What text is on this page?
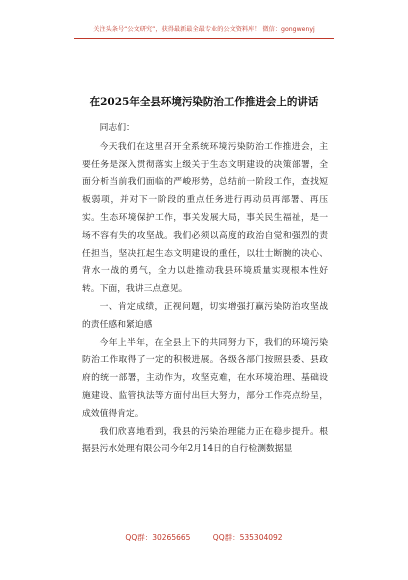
关注头条号“公文研究”，获得最新最全最专业的公文资料库！ 微信：gongwenyj
在2025年全县环境污染防治工作推进会上的讲话

同志们：

今天我们在这里召开全系统环境污染防治工作推进会，主要任务是深入贯彻落实上级关于生态文明建设的决策部署，全面分析当前我们面临的严峻形势，总结前一阶段工作，查找短板弱项，并对下一阶段的重点任务进行再动员再部署、再压实。生态环境保护工作，事关发展大局，事关民生福祉，是一场不容有失的攻坚战。我们必须以高度的政治自觉和强烈的责任担当，坚决扛起生态文明建设的重任，以壮士断腕的决心、背水一战的勇气，全力以赴推动我县环境质量实现根本性好转。下面，我讲三点意见。

一、肯定成绩，正视问题，切实增强打赢污染防治攻坚战的责任感和紧迫感

今年上半年，在全县上下的共同努力下，我们的环境污染防治工作取得了一定的积极进展。各级各部门按照县委、县政府的统一部署，主动作为，攻坚克难，在水环境治理、基础设施建设、监管执法等方面付出巨大努力，部分工作亮点纷呈，成效值得肯定。

我们欣喜地看到，我县的污染治理能力正在稳步提升。根据县污水处理有限公司今年2月14日的自行检测数据显

QQ群：30265665	QQ群：535304092
